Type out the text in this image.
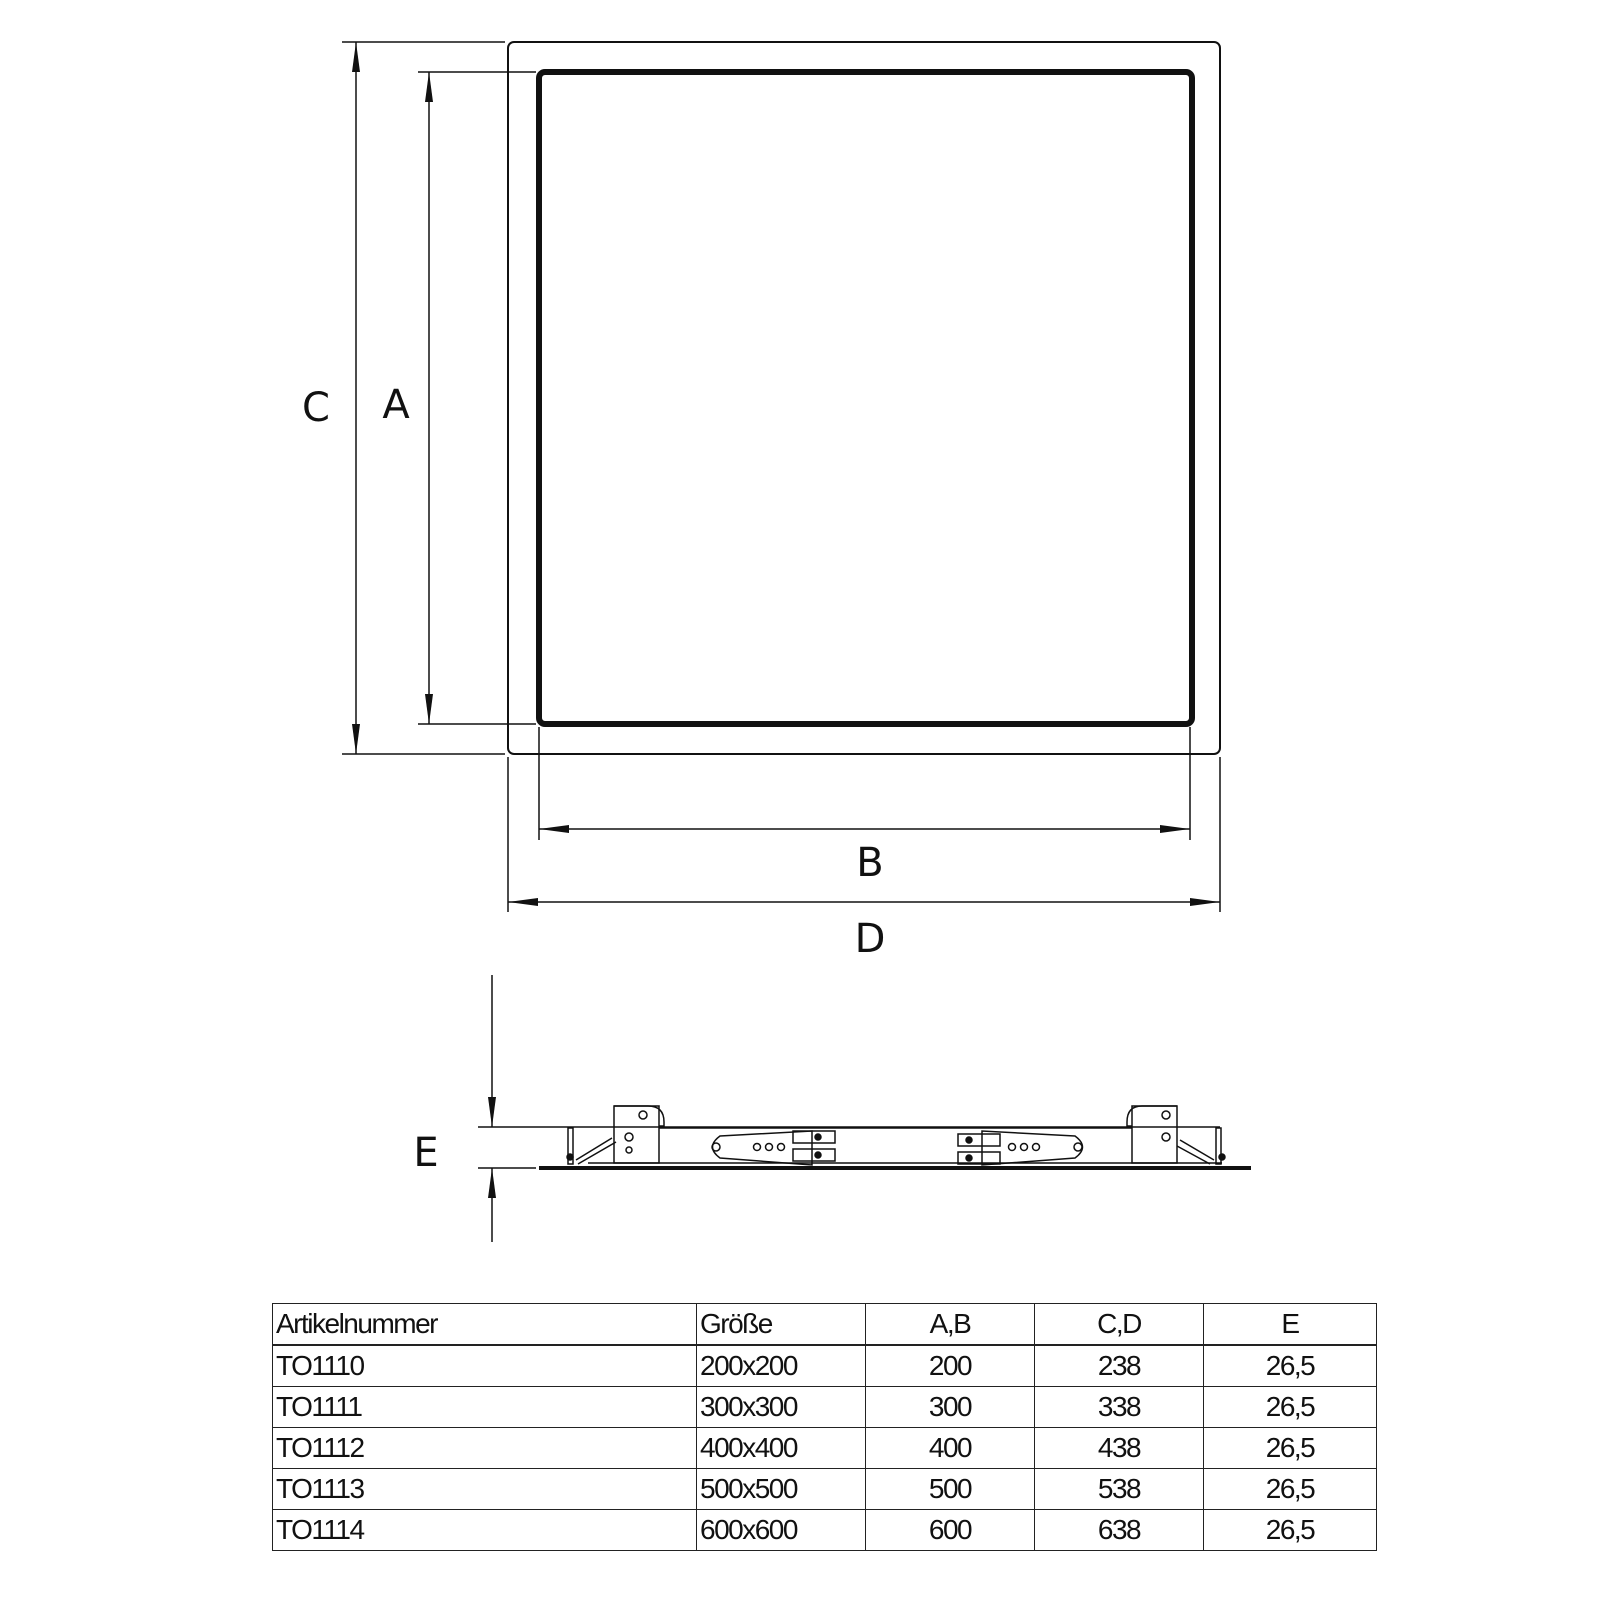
C A
B
D
E
Artikelnummer	Größe	A,B	C,D	E
TO1110	200x200	200	238	26,5
TO1111	300x300	300	338	26,5
TO1112	400x400	400	438	26,5
TO1113	500x500	500	538	26,5
TO1114	600x600	600	638	26,5
